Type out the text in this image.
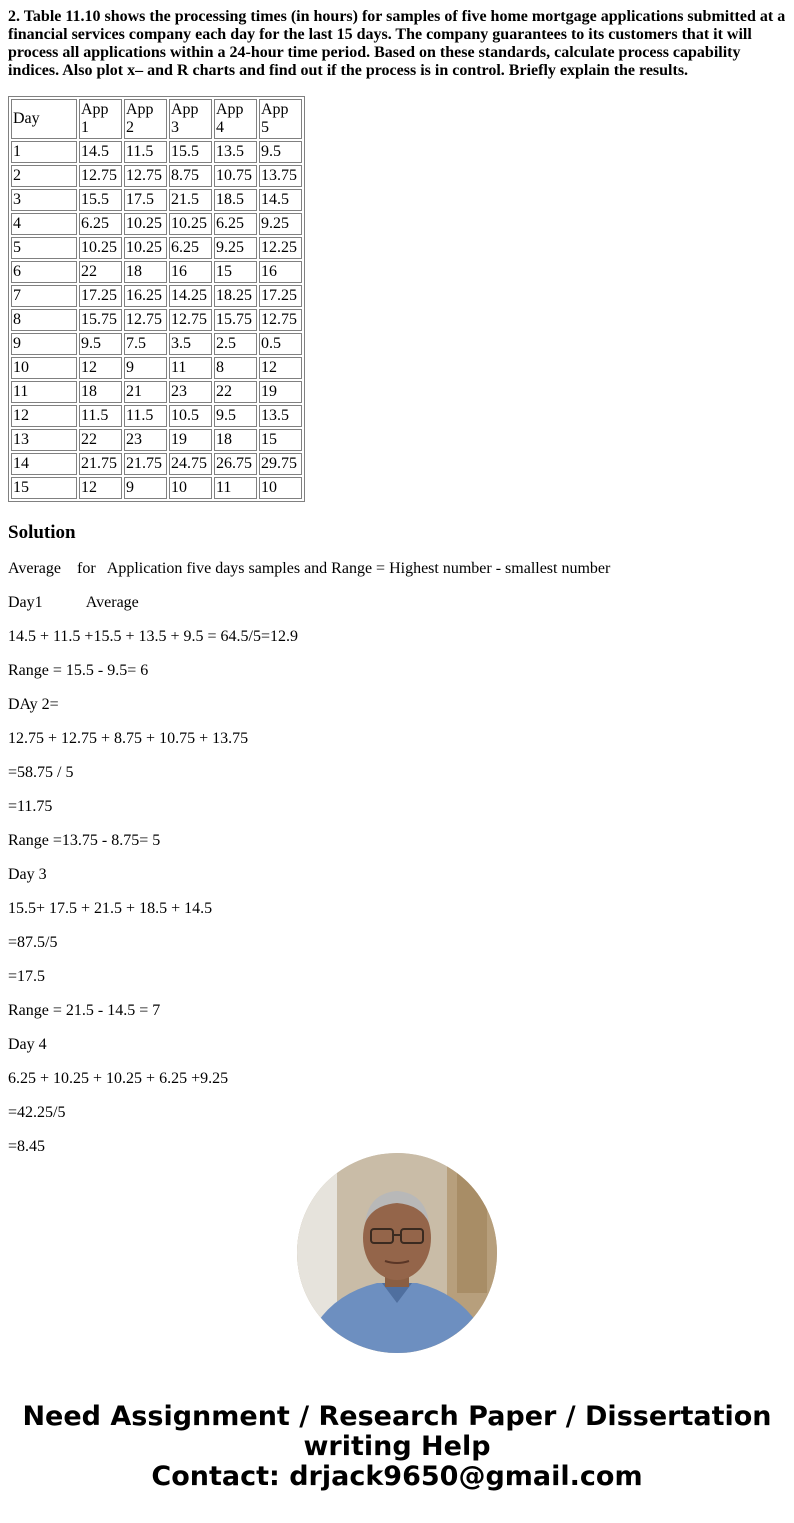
2. Table 11.10 shows the processing times (in hours) for samples of five home mortgage applications submitted at a financial services company each day for the last 15 days. The company guarantees to its customers that it will process all applications within a 24-hour time period. Based on these standards, calculate process capability indices. Also plot x– and R charts and find out if the process is in control. Briefly explain the results.

Day	App 1	App 2	App 3	App 4	App 5
1	14.5	11.5	15.5	13.5	9.5
2	12.75	12.75	8.75	10.75	13.75
3	15.5	17.5	21.5	18.5	14.5
4	6.25	10.25	10.25	6.25	9.25
5	10.25	10.25	6.25	9.25	12.25
6	22	18	16	15	16
7	17.25	16.25	14.25	18.25	17.25
8	15.75	12.75	12.75	15.75	12.75
9	9.5	7.5	3.5	2.5	0.5
10	12	9	11	8	12
11	18	21	23	22	19
12	11.5	11.5	10.5	9.5	13.5
13	22	23	19	18	15
14	21.75	21.75	24.75	26.75	29.75
15	12	9	10	11	10
Solution

Average    for   Application five days samples and Range = Highest number - smallest number

Day1           Average

14.5 + 11.5 +15.5 + 13.5 + 9.5 = 64.5/5=12.9

Range = 15.5 - 9.5= 6

DAy 2=

12.75 + 12.75 + 8.75 + 10.75 + 13.75

=58.75 / 5

=11.75

Range =13.75 - 8.75= 5

Day 3

15.5+ 17.5 + 21.5 + 18.5 + 14.5

=87.5/5

=17.5

Range = 21.5 - 14.5 = 7

Day 4

6.25 + 10.25 + 10.25 + 6.25 +9.25

=42.25/5

=8.45

Need Assignment / Research Paper / Dissertation
writing Help
Contact: drjack9650@gmail.com
